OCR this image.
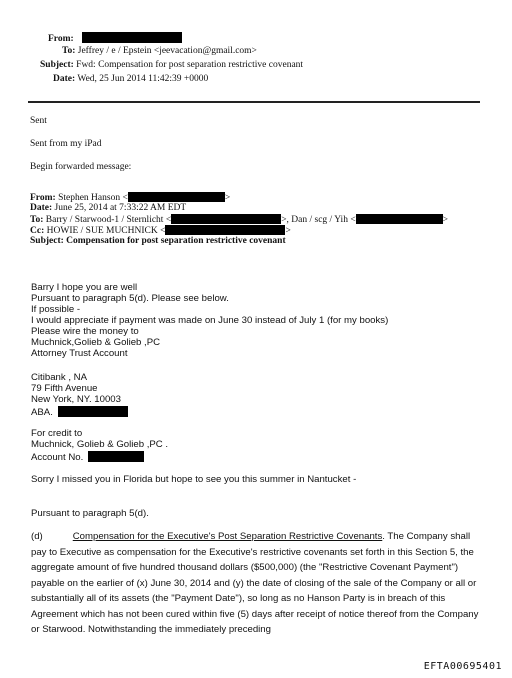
From:
To: Jeffrey / e / Epstein <jeevacation@gmail.com>
Subject: Fwd: Compensation for post separation restrictive covenant
Date: Wed, 25 Jun 2014 11:42:39 +0000
Sent
Sent from my iPad
Begin forwarded message:
From: Stephen Hanson <	>
Date: June 25, 2014 at 7:33:22 AM EDT
To: Barry / Starwood-1 / Sternlicht <	>, Dan / scg / Yih <	>
Cc: HOWIE / SUE MUCHNICK <	>
Subject: Compensation for post separation restrictive covenant
Barry I hope you are well
Pursuant to paragraph 5(d). Please see below.
If possible -
I would appreciate if payment was made on June 30 instead of July 1 (for my books)
Please wire the money to
Muchnick,Golieb & Golieb ,PC
Attorney Trust Account
Citibank , NA
79 Fifth Avenue
New York, NY. 10003
ABA.
For credit to
Muchnick, Golieb & Golieb ,PC .
Account No.
Sorry I missed you in Florida but hope to see you this summer in Nantucket -
Pursuant to paragraph 5(d).
(d)	Compensation for the Executive's Post Separation Restrictive Covenants. The Company shall pay to Executive as compensation for the Executive's restrictive covenants set forth in this Section 5, the aggregate amount of five hundred thousand dollars ($500,000) (the "Restrictive Covenant Payment") payable on the earlier of (x) June 30, 2014 and (y) the date of closing of the sale of the Company or all or substantially all of its assets (the "Payment Date"), so long as no Hanson Party is in breach of this Agreement which has not been cured within five (5) days after receipt of notice thereof from the Company or Starwood. Notwithstanding the immediately preceding
EFTA00695401
